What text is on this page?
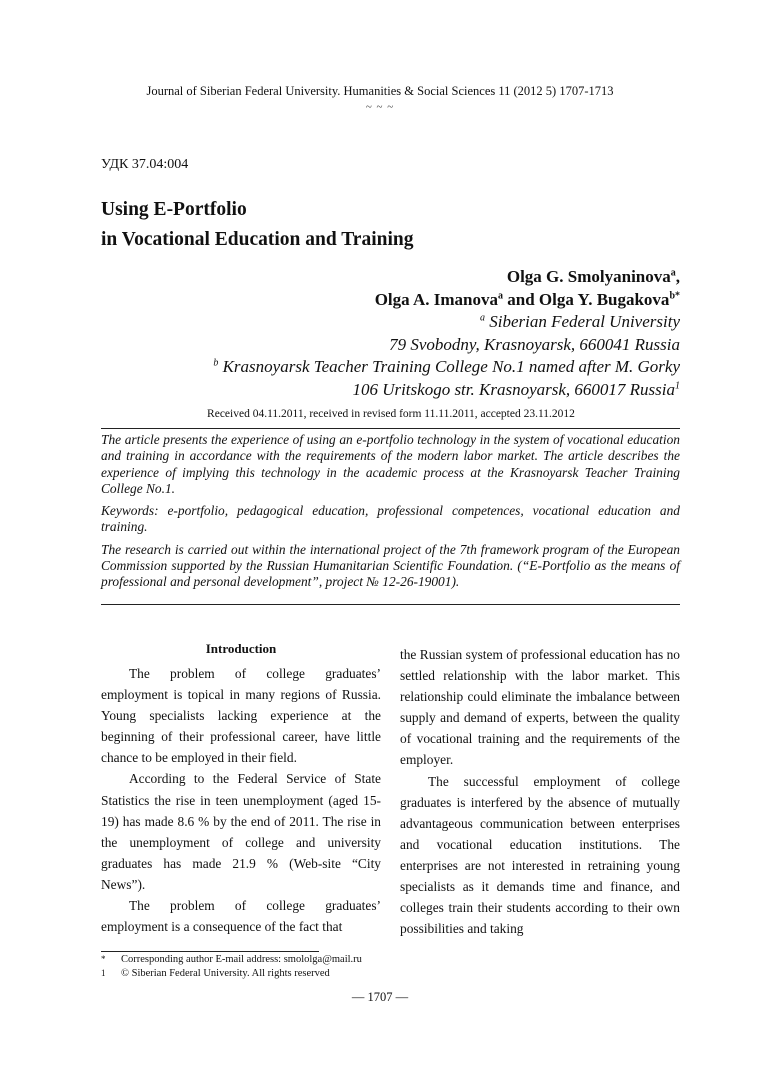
Journal of Siberian Federal University. Humanities & Social Sciences 11 (2012 5) 1707-1713
~ ~ ~
УДК 37.04:004
Using E-Portfolio
in Vocational Education and Training
Olga G. Smolyaninova$^a$,
Olga A. Imanova$^a$ and Olga Y. Bugakova$^{b*}$
$^a$ Siberian Federal University
79 Svobodny, Krasnoyarsk, 660041 Russia
$^b$ Krasnoyarsk Teacher Training College No.1 named after M. Gorky
106 Uritskogo str. Krasnoyarsk, 660017 Russia$^1$
Received 04.11.2011, received in revised form 11.11.2011, accepted 23.11.2012

The article presents the experience of using an e-portfolio technology in the system of vocational education and training in accordance with the requirements of the modern labor market. The article describes the experience of implying this technology in the academic process at the Krasnoyarsk Teacher Training College No.1.

Keywords: e-portfolio, pedagogical education, professional competences, vocational education and training.

The research is carried out within the international project of the 7th framework program of the European Commission supported by the Russian Humanitarian Scientific Foundation. (“E-Portfolio as the means of professional and personal development”, project № 12-26-19001).

Introduction

The problem of college graduates’ employment is topical in many regions of Russia. Young specialists lacking experience at the beginning of their professional career, have little chance to be employed in their field.

According to the Federal Service of State Statistics the rise in teen unemployment (aged 15-19) has made 8.6 % by the end of 2011. The rise in the unemployment of college and university graduates has made 21.9 % (Web-site “City News”).

The problem of college graduates’ employment is a consequence of the fact that

the Russian system of professional education has no settled relationship with the labor market. This relationship could eliminate the imbalance between supply and demand of experts, between the quality of vocational training and the requirements of the employer.

The successful employment of college graduates is interfered by the absence of mutually advantageous communication between enterprises and vocational education institutions. The enterprises are not interested in retraining young specialists as it demands time and finance, and colleges train their students according to their own possibilities and taking

* Corresponding author E-mail address: smololga@mail.ru
1 © Siberian Federal University. All rights reserved
— 1707 —
